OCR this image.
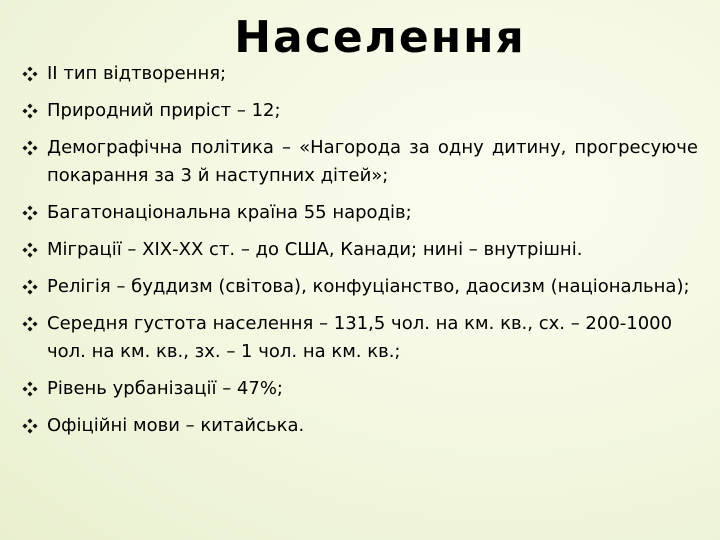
Населення
ІІ тип відтворення;
Природний приріст – 12;
Демографічна політика – «Нагорода за одну дитину, прогресуюче покарання за 3 й наступних дітей»;
Багатонаціональна країна 55 народів;
Міграції – ХІХ-ХХ ст. – до США, Канади; нині – внутрішні.
Релігія – буддизм (світова), конфуціанство, даосизм (національна);
Середня густота населення – 131,5 чол. на км. кв., сх. – 200-1000 чол. на км. кв., зх. – 1 чол. на км. кв.;
Рівень урбанізації – 47%;
Офіційні мови – китайська.
